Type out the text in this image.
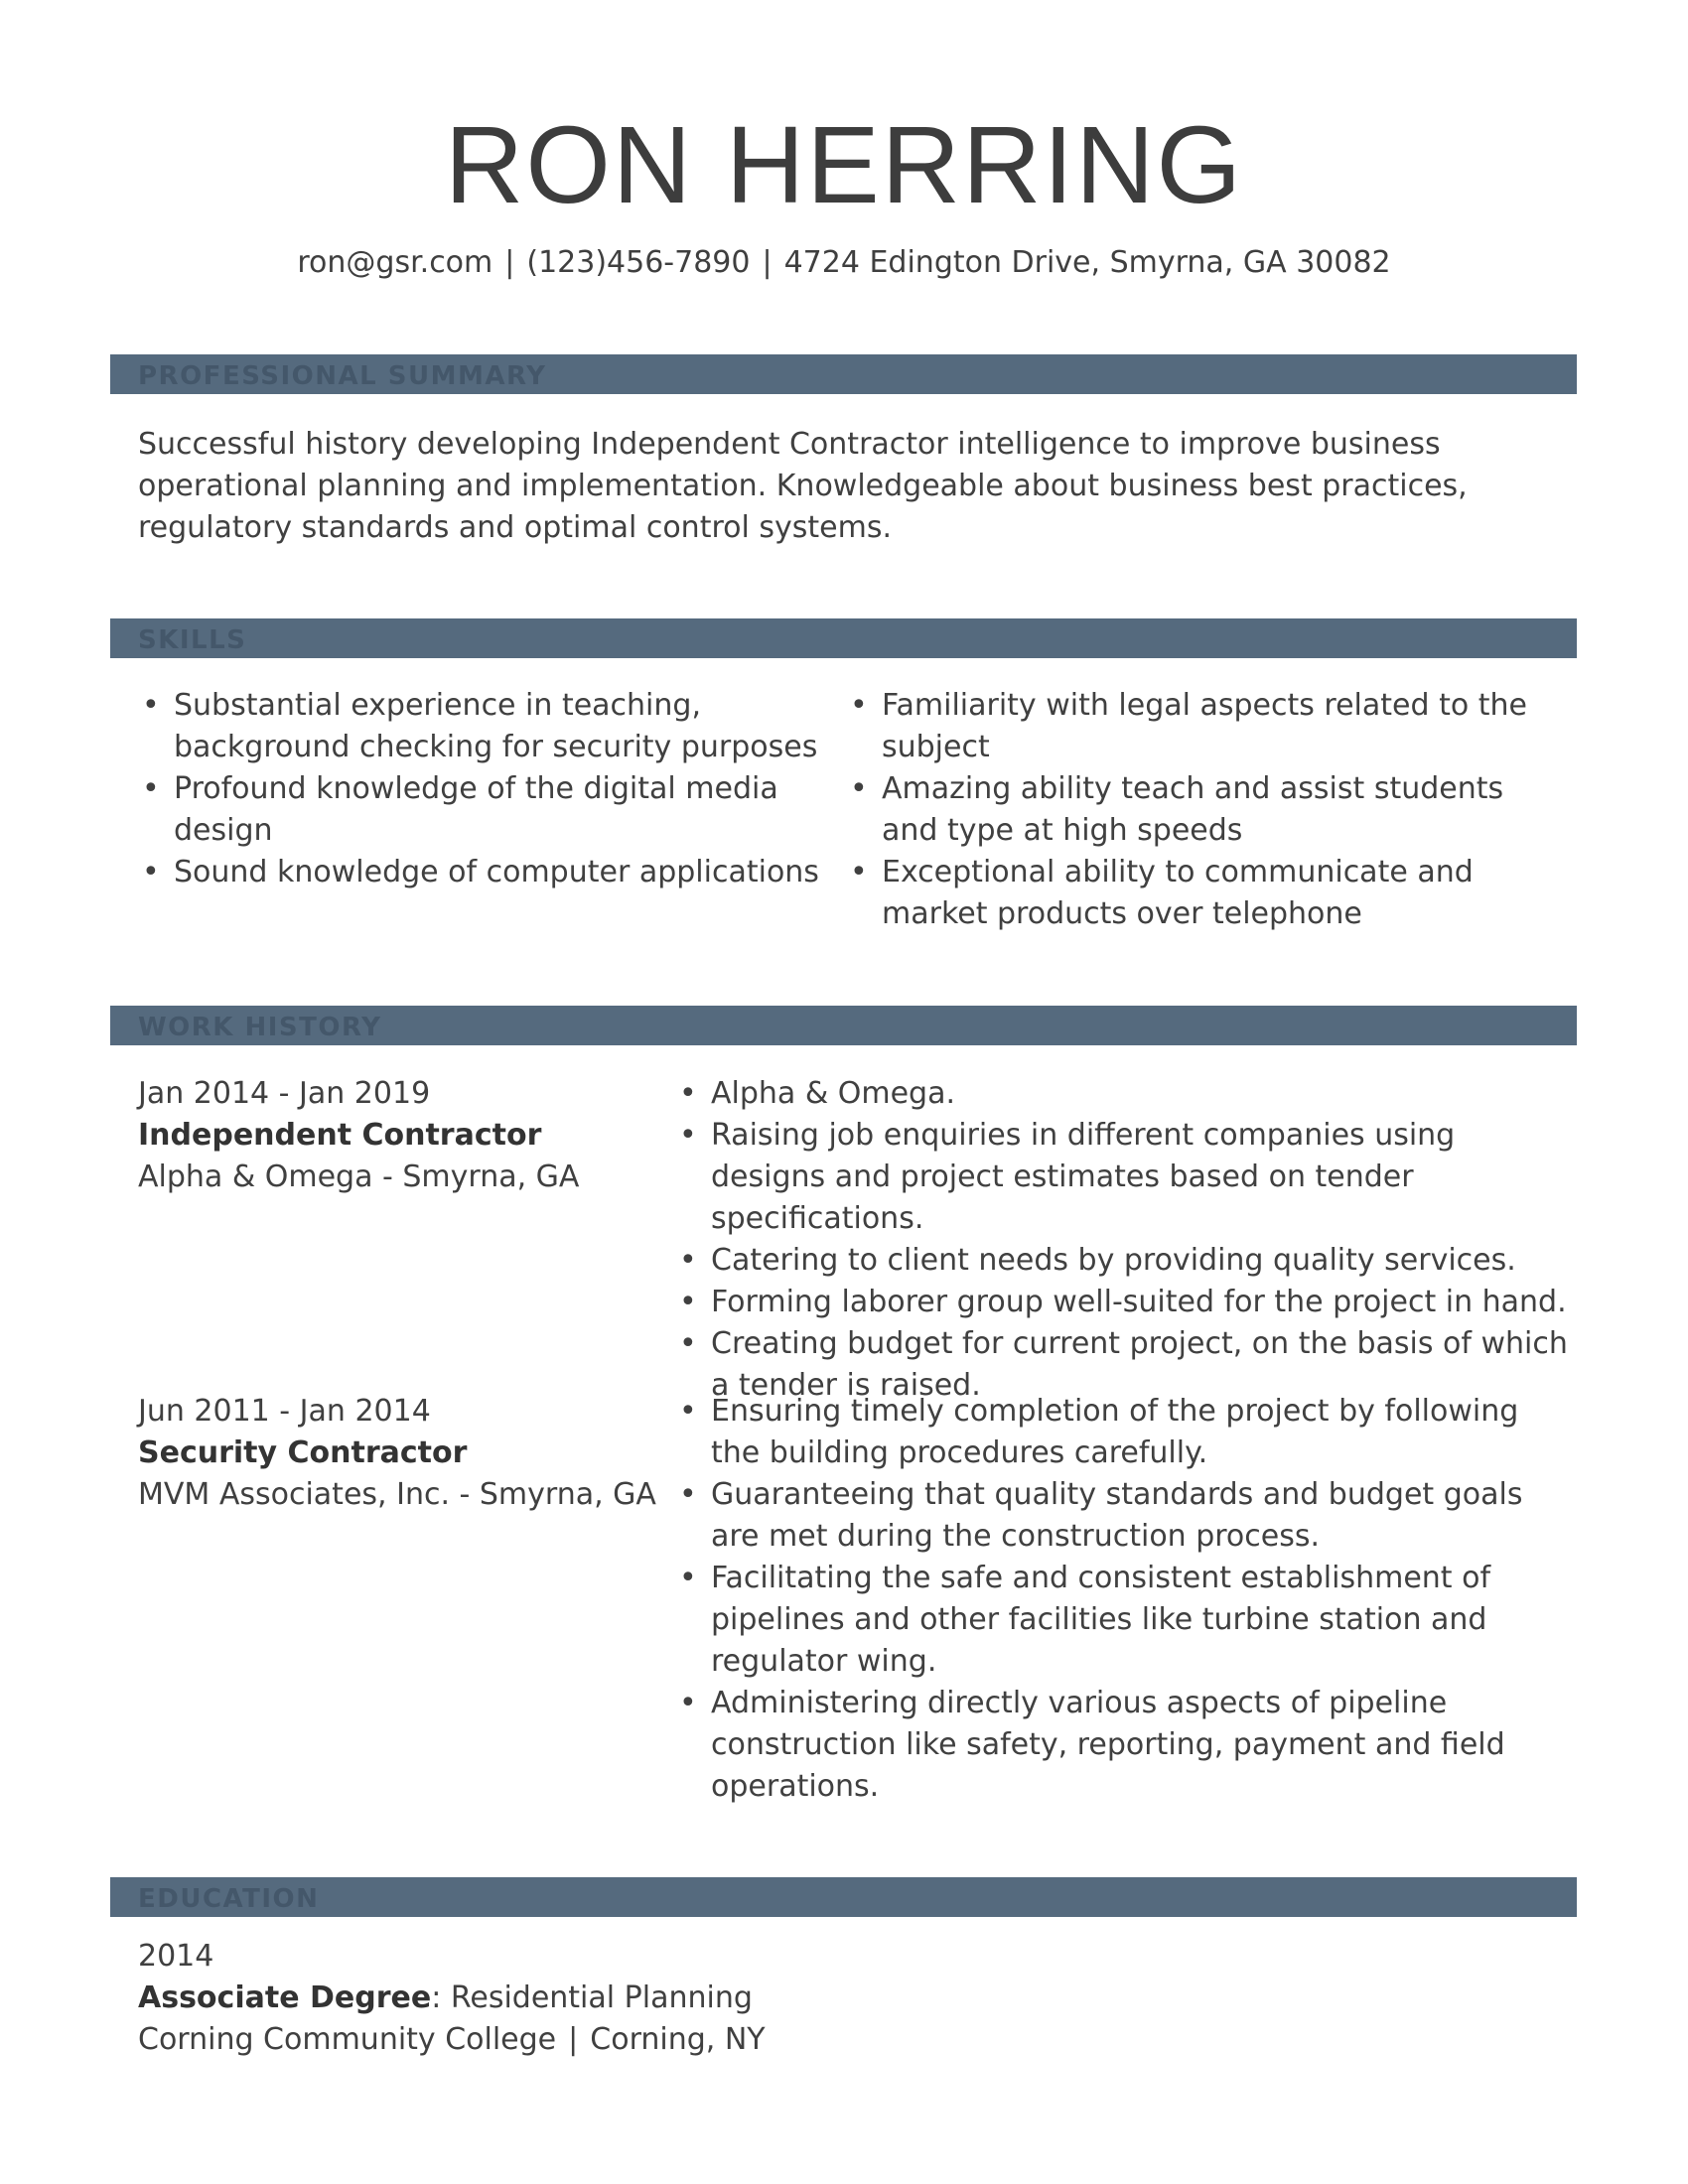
RON HERRING
ron@gsr.com | (123)456-7890 | 4724 Edington Drive, Smyrna, GA 30082
PROFESSIONAL SUMMARY
Successful history developing Independent Contractor intelligence to improve business operational planning and implementation. Knowledgeable about business best practices, regulatory standards and optimal control systems.
SKILLS
• Substantial experience in teaching, background checking for security purposes
• Profound knowledge of the digital media design
• Sound knowledge of computer applications
• Familiarity with legal aspects related to the subject
• Amazing ability teach and assist students and type at high speeds
• Exceptional ability to communicate and market products over telephone
WORK HISTORY
Jan 2014 - Jan 2019
Independent Contractor
Alpha & Omega - Smyrna, GA
• Alpha & Omega.
• Raising job enquiries in different companies using designs and project estimates based on tender specifications.
• Catering to client needs by providing quality services.
• Forming laborer group well-suited for the project in hand.
• Creating budget for current project, on the basis of which a tender is raised.
Jun 2011 - Jan 2014
Security Contractor
MVM Associates, Inc. - Smyrna, GA
• Ensuring timely completion of the project by following the building procedures carefully.
• Guaranteeing that quality standards and budget goals are met during the construction process.
• Facilitating the safe and consistent establishment of pipelines and other facilities like turbine station and regulator wing.
• Administering directly various aspects of pipeline construction like safety, reporting, payment and field operations.
EDUCATION
2014
Associate Degree: Residential Planning
Corning Community College | Corning, NY
